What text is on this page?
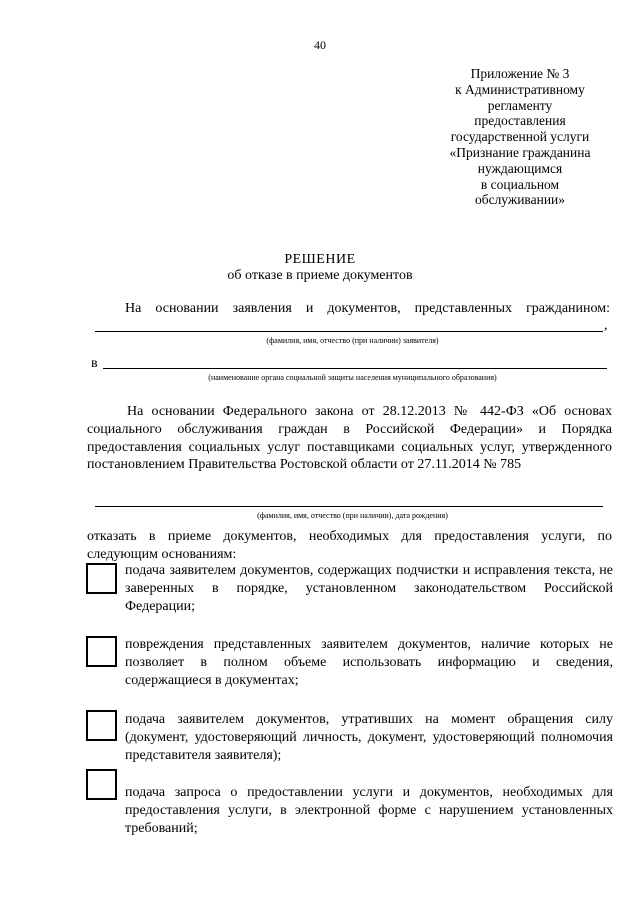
40
Приложение № 3
к Административному
регламенту
предоставления
государственной услуги
«Признание гражданина
нуждающимся
в социальном
обслуживании»
РЕШЕНИЕ
об отказе в приеме документов
На основании заявления и документов, представленных гражданином:
,
(фамилия, имя, отчество (при наличии) заявителя)
в
(наименование органа социальной защиты населения муниципального образования)

На основании Федерального закона от 28.12.2013 № 442-ФЗ «Об основах социального обслуживания граждан в Российской Федерации» и Порядка предоставления социальных услуг поставщиками социальных услуг, утвержденного постановлением Правительства Ростовской области от 27.11.2014 № 785

(фамилия, имя, отчество (при наличии), дата рождения)

отказать в приеме документов, необходимых для предоставления услуги, по следующим основаниям:

подача заявителем документов, содержащих подчистки и исправления текста, не заверенных в порядке, установленном законодательством Российской Федерации;
повреждения представленных заявителем документов, наличие которых не позволяет в полном объеме использовать информацию и сведения, содержащиеся в документах;
подача заявителем документов, утративших на момент обращения силу (документ, удостоверяющий личность, документ, удостоверяющий полномочия представителя заявителя);
подача запроса о предоставлении услуги и документов, необходимых для предоставления услуги, в электронной форме с нарушением установленных требований;
